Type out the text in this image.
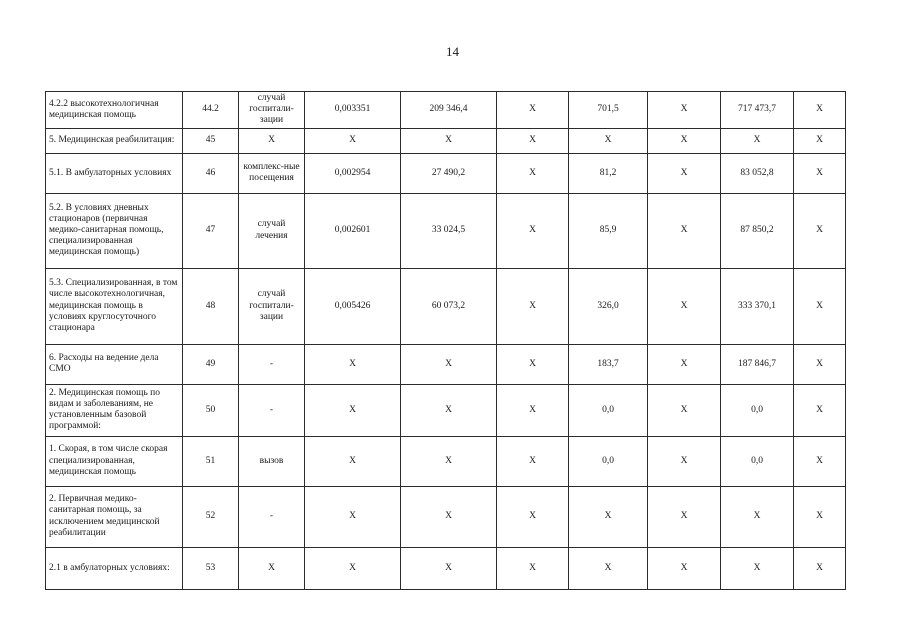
14
4.2.2 высокотехнологичная медицинская помощь	44.2	случай госпитали-зации	0,003351	209 346,4	Х	701,5	Х	717 473,7	Х
5. Медицинская реабилитация:	45	Х	Х	Х	Х	Х	Х	Х	Х
5.1. В амбулаторных условиях	46	комплекс-ные посещения	0,002954	27 490,2	Х	81,2	Х	83 052,8	Х
5.2. В условиях дневных стационаров (первичная медико-санитарная помощь, специализированная медицинская помощь)	47	случай лечения	0,002601	33 024,5	Х	85,9	Х	87 850,2	Х
5.3. Специализированная, в том числе высокотехнологичная, медицинская помощь в условиях круглосуточного стационара	48	случай госпитали-зации	0,005426	60 073,2	Х	326,0	Х	333 370,1	Х
6. Расходы на ведение дела СМО	49	-	Х	Х	Х	183,7	Х	187 846,7	Х
2. Медицинская помощь по видам и заболеваниям, не установленным базовой программой:	50	-	Х	Х	Х	0,0	Х	0,0	Х
1. Скорая, в том числе скорая специализированная, медицинская помощь	51	вызов	Х	Х	Х	0,0	Х	0,0	Х
2. Первичная медико-санитарная помощь, за исключением медицинской реабилитации	52	-	Х	Х	Х	Х	Х	Х	Х
2.1 в амбулаторных условиях:	53	Х	Х	Х	Х	Х	Х	Х	Х
